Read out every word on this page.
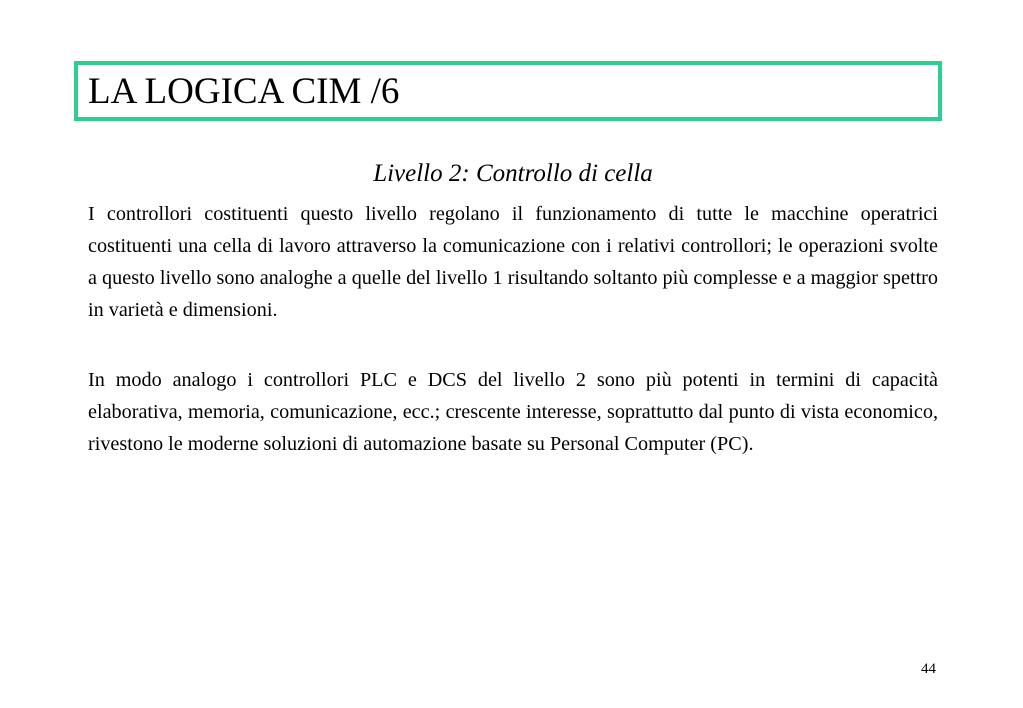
LA LOGICA CIM /6
Livello 2: Controllo di cella

I controllori costituenti questo livello regolano il funzionamento di tutte le macchine operatrici costituenti una cella di lavoro attraverso la comunicazione con i relativi controllori; le operazioni svolte a questo livello sono analoghe a quelle del livello 1 risultando soltanto più complesse e a maggior spettro in varietà e dimensioni.

In modo analogo i controllori PLC e DCS del livello 2 sono più potenti in termini di capacità elaborativa, memoria, comunicazione, ecc.; crescente interesse, soprattutto dal punto di vista economico, rivestono le moderne soluzioni di automazione basate su Personal Computer (PC).

44
